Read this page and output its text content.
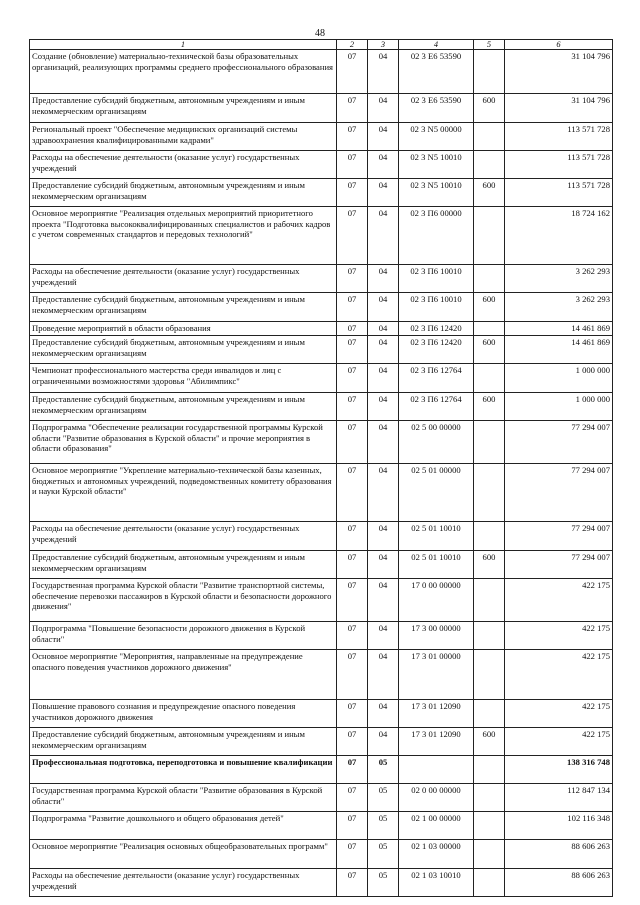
48
1	2	3	4	5	6
Создание (обновление) материально-технической базы образовательных организаций, реализующих программы среднего профессионального образования	07	04	02 3 Е6 53590		31 104 796
Предоставление субсидий бюджетным, автономным учреждениям и иным некоммерческим организациям	07	04	02 3 Е6 53590	600	31 104 796
Региональный проект "Обеспечение медицинских организаций системы здравоохранения квалифицированными кадрами"	07	04	02 3 N5 00000		113 571 728
Расходы на обеспечение деятельности (оказание услуг) государственных учреждений	07	04	02 3 N5 10010		113 571 728
Предоставление субсидий бюджетным, автономным учреждениям и иным некоммерческим организациям	07	04	02 3 N5 10010	600	113 571 728
Основное мероприятие "Реализация отдельных мероприятий приоритетного проекта "Подготовка высококвалифицированных специалистов и рабочих кадров с учетом современных стандартов и передовых технологий"	07	04	02 3 П6 00000		18 724 162
Расходы на обеспечение деятельности (оказание услуг) государственных учреждений	07	04	02 3 П6 10010		3 262 293
Предоставление субсидий бюджетным, автономным учреждениям и иным некоммерческим организациям	07	04	02 3 П6 10010	600	3 262 293
Проведение мероприятий в области образования	07	04	02 3 П6 12420		14 461 869
Предоставление субсидий бюджетным, автономным учреждениям и иным некоммерческим организациям	07	04	02 3 П6 12420	600	14 461 869
Чемпионат профессионального мастерства среди инвалидов и лиц с ограниченными возможностями здоровья "Абилимпикс"	07	04	02 3 П6 12764		1 000 000
Предоставление субсидий бюджетным, автономным учреждениям и иным некоммерческим организациям	07	04	02 3 П6 12764	600	1 000 000
Подпрограмма "Обеспечение реализации государственной программы Курской области "Развитие образования в Курской области" и прочие мероприятия в области образования"	07	04	02 5 00 00000		77 294 007
Основное мероприятие "Укрепление материально-технической базы казенных, бюджетных и автономных учреждений, подведомственных комитету образования и науки Курской области"	07	04	02 5 01 00000		77 294 007
Расходы на обеспечение деятельности (оказание услуг) государственных учреждений	07	04	02 5 01 10010		77 294 007
Предоставление субсидий бюджетным, автономным учреждениям и иным некоммерческим организациям	07	04	02 5 01 10010	600	77 294 007
Государственная программа Курской области "Развитие транспортной системы, обеспечение перевозки пассажиров в Курской области и безопасности дорожного движения"	07	04	17 0 00 00000		422 175
Подпрограмма "Повышение безопасности дорожного движения в Курской области"	07	04	17 3 00 00000		422 175
Основное мероприятие "Мероприятия, направленные на предупреждение опасного поведения участников дорожного движения"	07	04	17 3 01 00000		422 175
Повышение правового сознания и предупреждение опасного поведения участников дорожного движения	07	04	17 3 01 12090		422 175
Предоставление субсидий бюджетным, автономным учреждениям и иным некоммерческим организациям	07	04	17 3 01 12090	600	422 175
Профессиональная подготовка, переподготовка и повышение квалификации	07	05			138 316 748
Государственная программа Курской области "Развитие образования в Курской области"	07	05	02 0 00 00000		112 847 134
Подпрограмма "Развитие дошкольного и общего образования детей"	07	05	02 1 00 00000		102 116 348
Основное мероприятие "Реализация основных общеобразовательных программ"	07	05	02 1 03 00000		88 606 263
Расходы на обеспечение деятельности (оказание услуг) государственных учреждений	07	05	02 1 03 10010		88 606 263
